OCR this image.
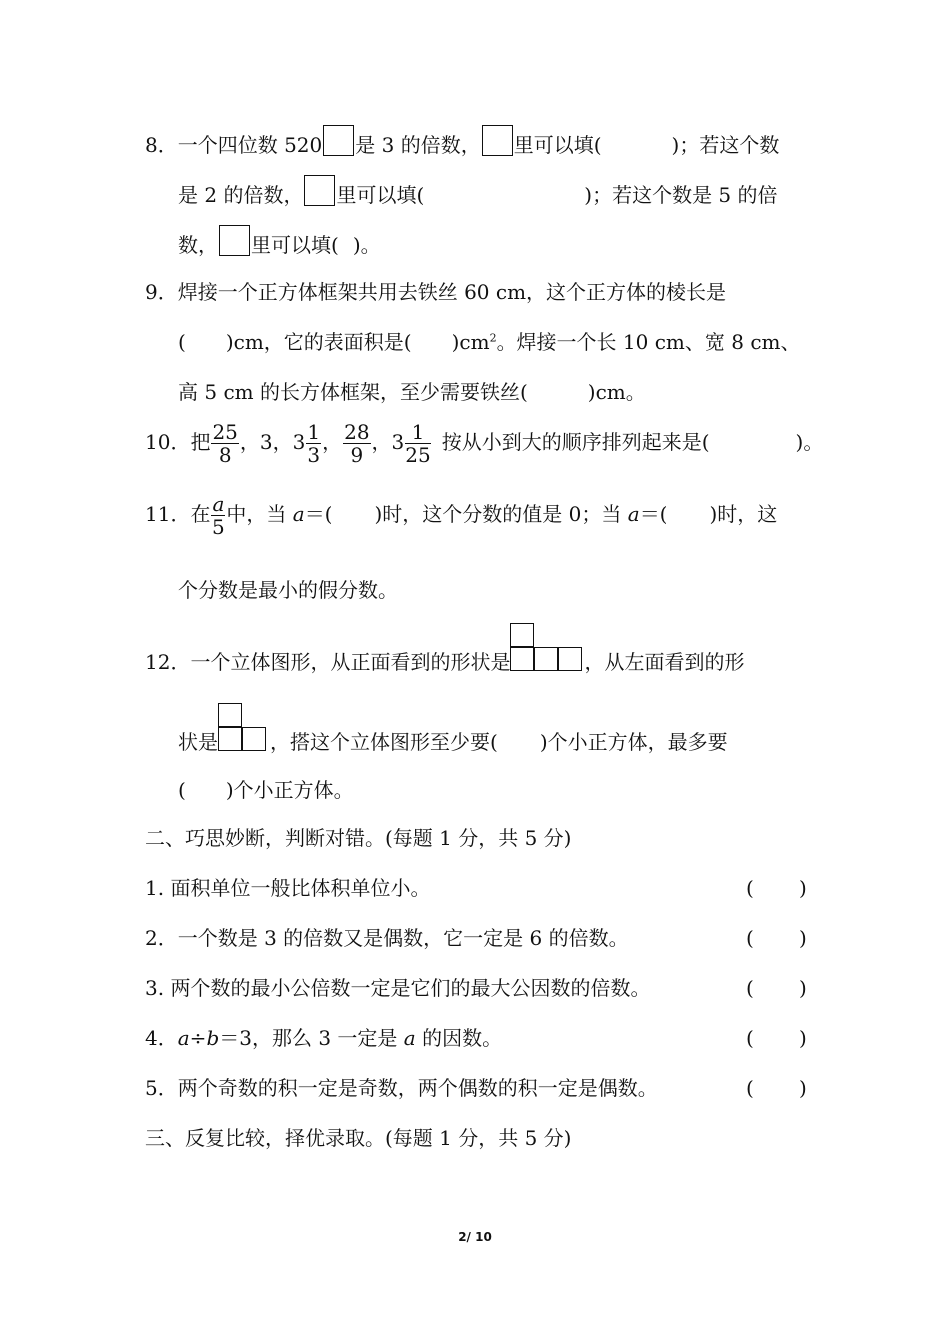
8．一个四位数 520 是 3 的倍数， 里可以填(	)；若这个数
是 2 的倍数， 里可以填(	)；若这个数是 5 的倍
数， 里可以填( )。
9．焊接一个正方体框架共用去铁丝 60 cm，这个正方体的棱长是
( )cm，它的表面积是( )$cm^2$。焊接一个长 10 cm、宽 8 cm、
高 5 cm 的长方体框架，至少需要铁丝(	)cm。
10．把 $\frac{25}{8}$ ，3，$3 \frac{1}{3}$ ， $\frac{28}{9}$ ，$3 \frac{1}{25}$ 按从小到大的顺序排列起来是(	)。
11．在 $\frac{a}{5}$ 中，当 a＝( )时，这个分数的值是 0；当 a＝( )时，这
个分数是最小的假分数。
12．一个立体图形，从正面看到的形状是	，从左面看到的形
状是	，搭这个立体图形至少要( )个小正方体，最多要
( )个小正方体。
二、巧思妙断，判断对错。(每题 1 分，共 5 分)
1. 面积单位一般比体积单位小。	( )
2．一个数是 3 的倍数又是偶数，它一定是 6 的倍数。	( )
3. 两个数的最小公倍数一定是它们的最大公因数的倍数。	( )
4．a÷b＝3，那么 3 一定是 a 的因数。	( )
5．两个奇数的积一定是奇数，两个偶数的积一定是偶数。	( )
三、反复比较，择优录取。(每题 1 分，共 5 分)
2/ 10
